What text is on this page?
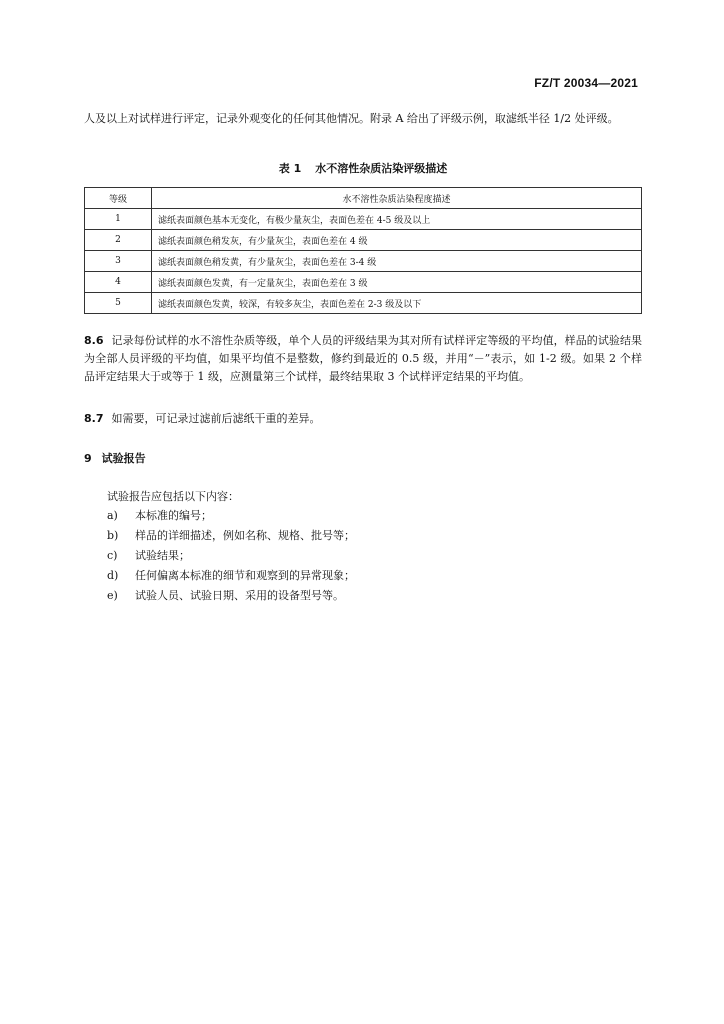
FZ/T 20034—2021
人及以上对试样进行评定，记录外观变化的任何其他情况。附录 A 给出了评级示例，取滤纸半径 1/2 处评级。
表 1 水不溶性杂质沾染评级描述
等级	水不溶性杂质沾染程度描述
1	滤纸表面颜色基本无变化，有极少量灰尘，表面色差在 4-5 级及以上
2	滤纸表面颜色稍发灰，有少量灰尘，表面色差在 4 级
3	滤纸表面颜色稍发黄，有少量灰尘，表面色差在 3-4 级
4	滤纸表面颜色发黄，有一定量灰尘，表面色差在 3 级
5	滤纸表面颜色发黄，较深，有较多灰尘，表面色差在 2-3 级及以下
8.6 记录每份试样的水不溶性杂质等级，单个人员的评级结果为其对所有试样评定等级的平均值，样品的试验结果为全部人员评级的平均值，如果平均值不是整数，修约到最近的 0.5 级，并用“－”表示，如 1-2 级。如果 2 个样品评定结果大于或等于 1 级，应测量第三个试样，最终结果取 3 个试样评定结果的平均值。
8.7 如需要，可记录过滤前后滤纸干重的差异。
9 试验报告
试验报告应包括以下内容：
a) 本标准的编号；
b) 样品的详细描述，例如名称、规格、批号等；
c) 试验结果；
d) 任何偏离本标准的细节和观察到的异常现象；
e) 试验人员、试验日期、采用的设备型号等。
